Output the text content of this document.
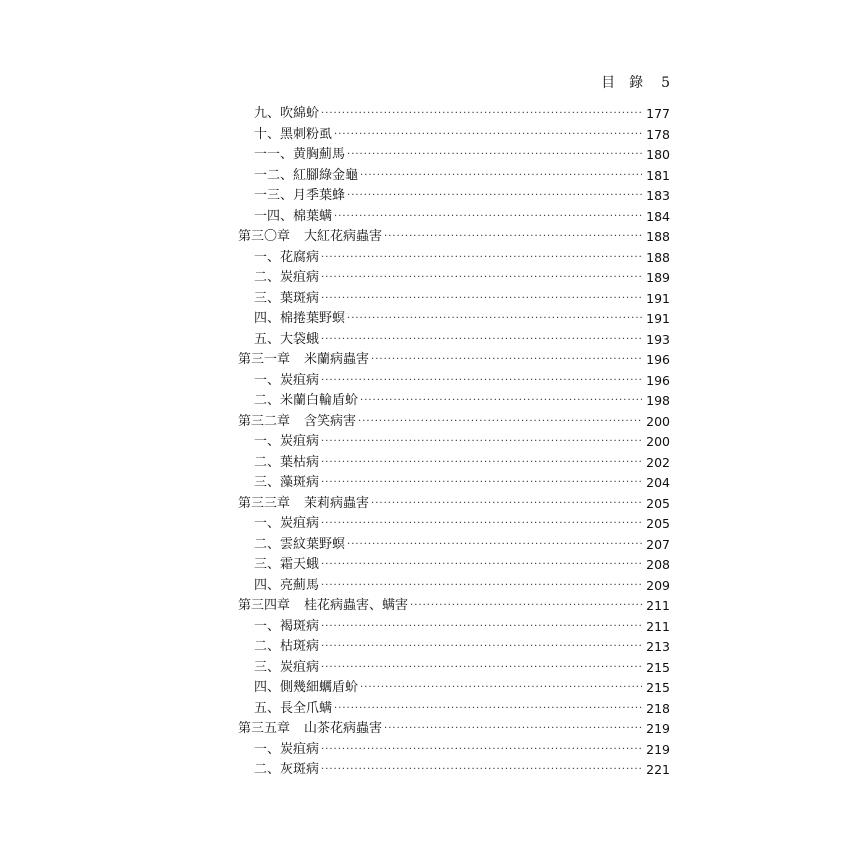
目　錄 5
九、吹綿蚧 ·····	177
十、黑刺粉虱 ·····	178
一一、黄胸薊馬 ·····	180
一二、紅腳綠金龜 ·····	181
一三、月季葉蜂 ·····	183
一四、棉葉螨 ·····	184
第三〇章 大紅花病蟲害 ·····	188
一、花腐病 ·····	188
二、炭疽病 ·····	189
三、葉斑病 ·····	191
四、棉捲葉野螟 ·····	191
五、大袋蛾 ·····	193
第三一章 米蘭病蟲害 ·····	196
一、炭疽病 ·····	196
二、米蘭白輪盾蚧 ·····	198
第三二章 含笑病害 ·····	200
一、炭疽病 ·····	200
二、葉枯病 ·····	202
三、藻斑病 ·····	204
第三三章 茉莉病蟲害 ·····	205
一、炭疽病 ·····	205
二、雲紋葉野螟 ·····	207
三、霜天蛾 ·····	208
四、亮薊馬 ·····	209
第三四章 桂花病蟲害、螨害 ·····	211
一、褐斑病 ·····	211
二、枯斑病 ·····	213
三、炭疽病 ·····	215
四、側幾細蠣盾蚧 ·····	215
五、長全爪螨 ·····	218
第三五章 山茶花病蟲害 ·····	219
一、炭疽病 ·····	219
二、灰斑病 ·····	221
